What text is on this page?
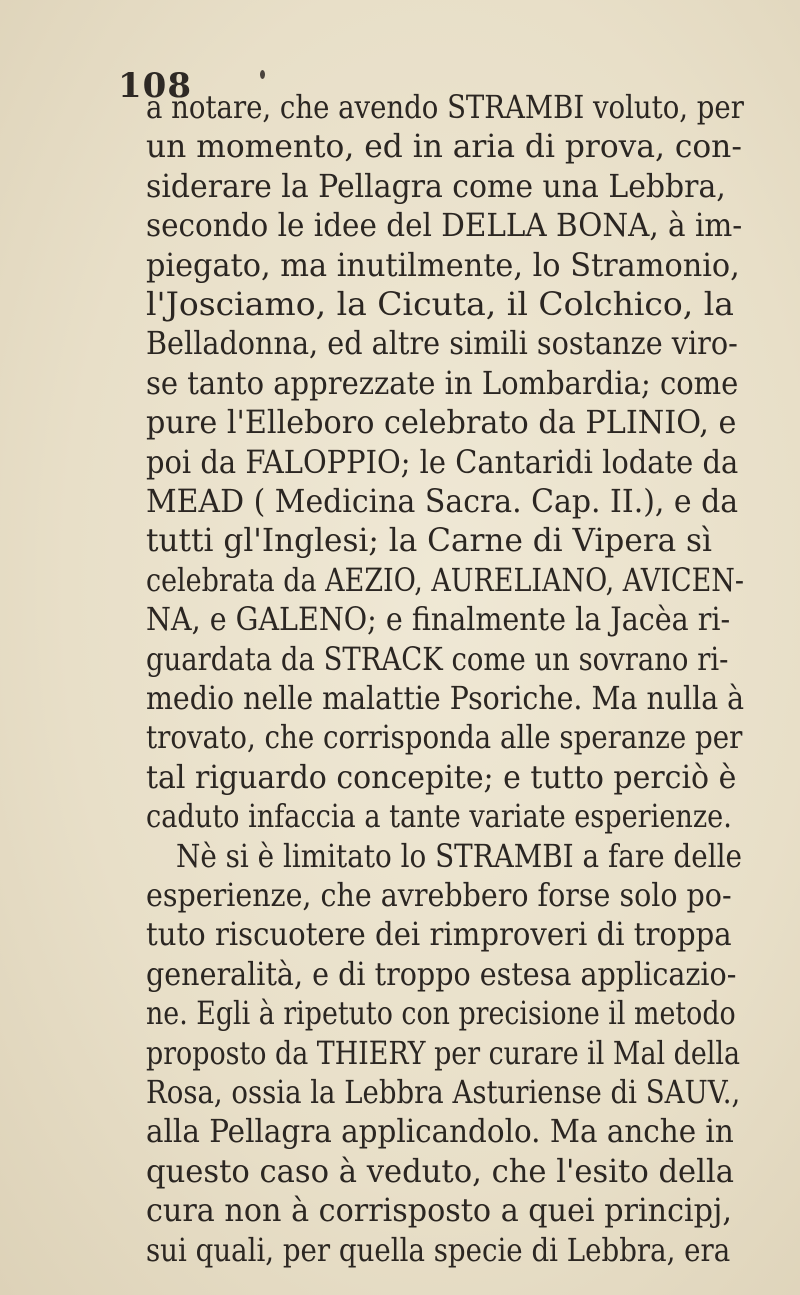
108
a notare, che avendo STRAMBI voluto, per
un momento, ed in aria di prova, con-
siderare la Pellagra come una Lebbra,
secondo le idee del DELLA BONA, à im-
piegato, ma inutilmente, lo Stramonio,
l'Josciamo, la Cicuta, il Colchico, la
Belladonna, ed altre simili sostanze viro-
se tanto apprezzate in Lombardia; come
pure l'Elleboro celebrato da PLINIO, e
poi da FALOPPIO; le Cantaridi lodate da
MEAD ( Medicina Sacra. Cap. II.), e da
tutti gl'Inglesi; la Carne di Vipera sì
celebrata da AEZIO, AURELIANO, AVICEN-
NA, e GALENO; e finalmente la Jacèa ri-
guardata da STRACK come un sovrano ri-
medio nelle malattie Psoriche. Ma nulla à
trovato, che corrisponda alle speranze per
tal riguardo concepite; e tutto perciò è
caduto infaccia a tante variate esperienze.
Nè si è limitato lo STRAMBI a fare delle
esperienze, che avrebbero forse solo po-
tuto riscuotere dei rimproveri di troppa
generalità, e di troppo estesa applicazio-
ne. Egli à ripetuto con precisione il metodo
proposto da THIERY per curare il Mal della
Rosa, ossia la Lebbra Asturiense di SAUV.,
alla Pellagra applicandolo. Ma anche in
questo caso à veduto, che l'esito della
cura non à corrisposto a quei principj,
sui quali, per quella specie di Lebbra, era
